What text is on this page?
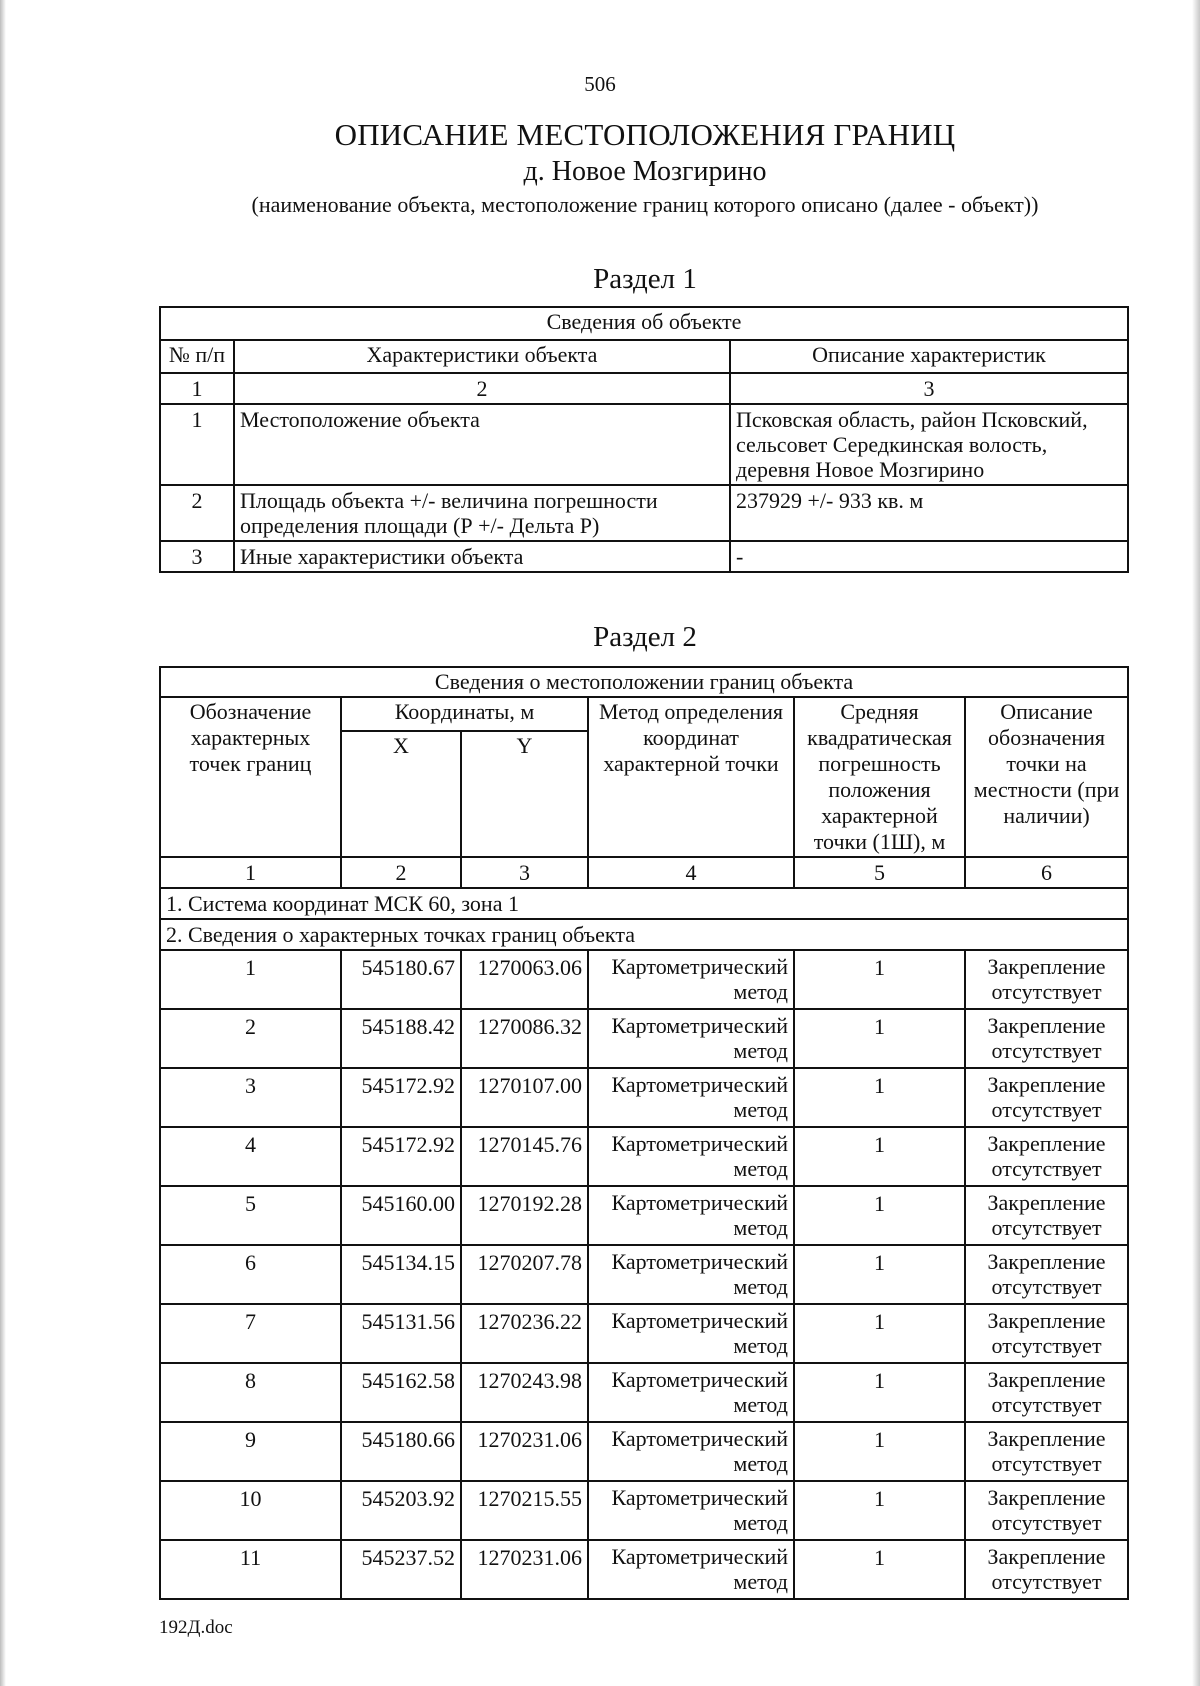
506
ОПИСАНИЕ МЕСТОПОЛОЖЕНИЯ ГРАНИЦ
д. Новое Мозгирино
(наименование объекта, местоположение границ которого описано (далее - объект))
Раздел 1
Сведения об объекте		
№ п/п	Характеристики объекта	Описание характеристик
1	2	3
1	Местоположение объекта	Псковская область, район Псковский, сельсовет Середкинская волость, деревня Новое Мозгирино
2	Площадь объекта +/- величина погрешности определения площади (Р +/- Дельта Р)	237929 +/- 933 кв. м
3	Иные характеристики объекта	-
Раздел 2
Сведения о местоположении границ объекта					
Обозначение характерных точек границ	Координаты, м		Метод определения координат характерной точки	Средняя квадратическая погрешность положения характерной точки (1Ш), м	Описание обозначения точки на местности (при наличии)
	X	Y			
1	2	3	4	5	6
1. Система координат МСК 60, зона 1					
2. Сведения о характерных точках границ объекта					
1	545180.67	1270063.06	Картометрический метод	1	Закрепление отсутствует
2	545188.42	1270086.32	Картометрический метод	1	Закрепление отсутствует
3	545172.92	1270107.00	Картометрический метод	1	Закрепление отсутствует
4	545172.92	1270145.76	Картометрический метод	1	Закрепление отсутствует
5	545160.00	1270192.28	Картометрический метод	1	Закрепление отсутствует
6	545134.15	1270207.78	Картометрический метод	1	Закрепление отсутствует
7	545131.56	1270236.22	Картометрический метод	1	Закрепление отсутствует
8	545162.58	1270243.98	Картометрический метод	1	Закрепление отсутствует
9	545180.66	1270231.06	Картометрический метод	1	Закрепление отсутствует
10	545203.92	1270215.55	Картометрический метод	1	Закрепление отсутствует
11	545237.52	1270231.06	Картометрический метод	1	Закрепление отсутствует
192Д.doc
